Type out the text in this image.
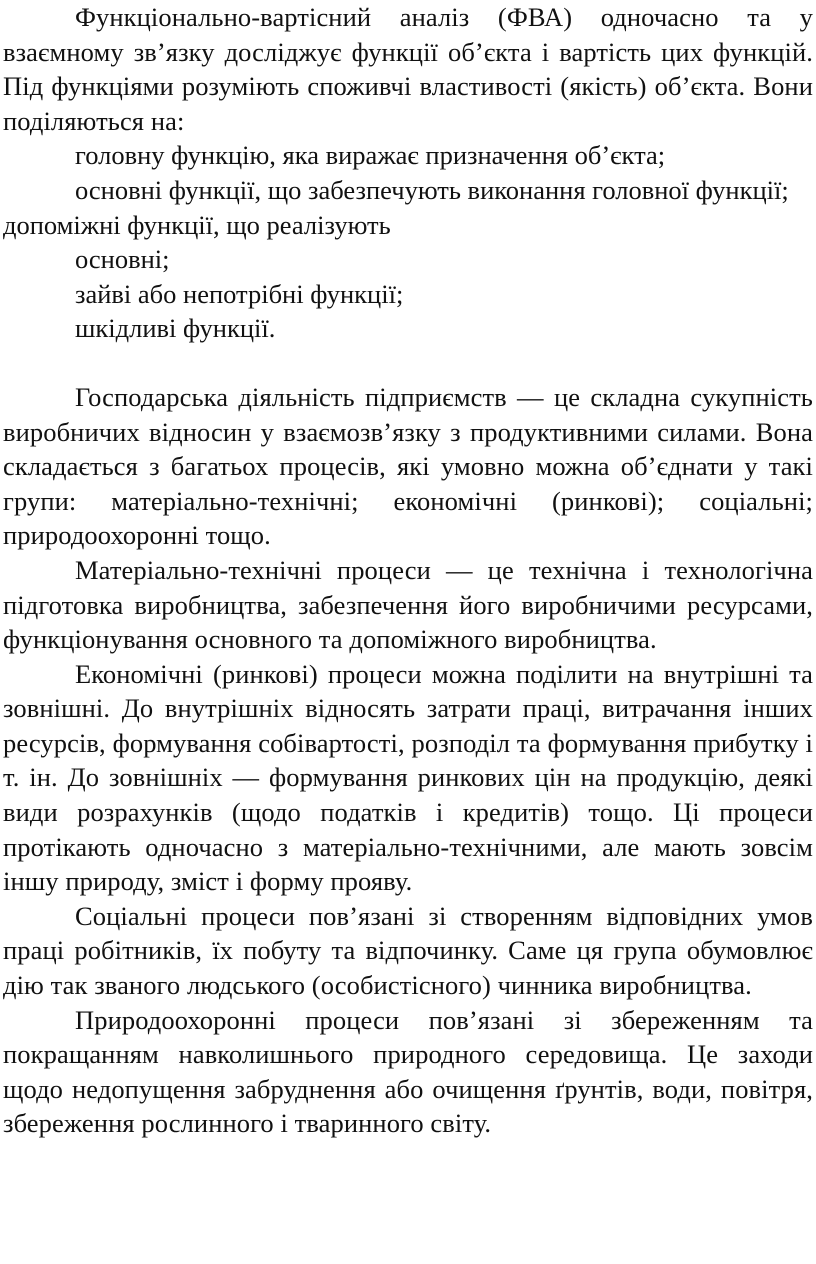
Функціонально-вартісний аналіз (ФВА) одночасно та у взаємному зв’язку досліджує функції об’єкта і вартість цих функцій. Під функціями розуміють споживчі властивості (якість) об’єкта. Вони поділяються на:

головну функцію, яка виражає призначення об’єкта;

основні функції, що забезпечують виконання головної функції; допоміжні функції, що реалізують

основні;

зайві або непотрібні функції;

шкідливі функції.

Господарська діяльність підприємств — це складна сукупність виробничих відносин у взаємозв’язку з продуктивними силами. Вона складається з багатьох процесів, які умовно можна об’єднати у такі групи: матеріально-технічні; економічні (ринкові); соціальні; природоохоронні тощо.

Матеріально-технічні процеси — це технічна і технологічна підготовка виробництва, забезпечення його виробничими ресурсами, функціонування основного та допоміжного виробництва.

Економічні (ринкові) процеси можна поділити на внутрішні та зовнішні. До внутрішніх відносять затрати праці, витрачання інших ресурсів, формування собівартості, розподіл та формування прибутку і т. ін. До зовнішніх — формування ринкових цін на продукцію, деякі види розрахунків (щодо податків і кредитів) тощо. Ці процеси протікають одночасно з матеріально-технічними, але мають зовсім іншу природу, зміст і форму прояву.

Соціальні процеси пов’язані зі створенням відповідних умов праці робітників, їх побуту та відпочинку. Саме ця група обумовлює дію так званого людського (особистісного) чинника виробництва.

Природоохоронні процеси пов’язані зі збереженням та покращанням навколишнього природного середовища. Це заходи щодо недопущення забруднення або очищення ґрунтів, води, повітря, збереження рослинного і тваринного світу.
